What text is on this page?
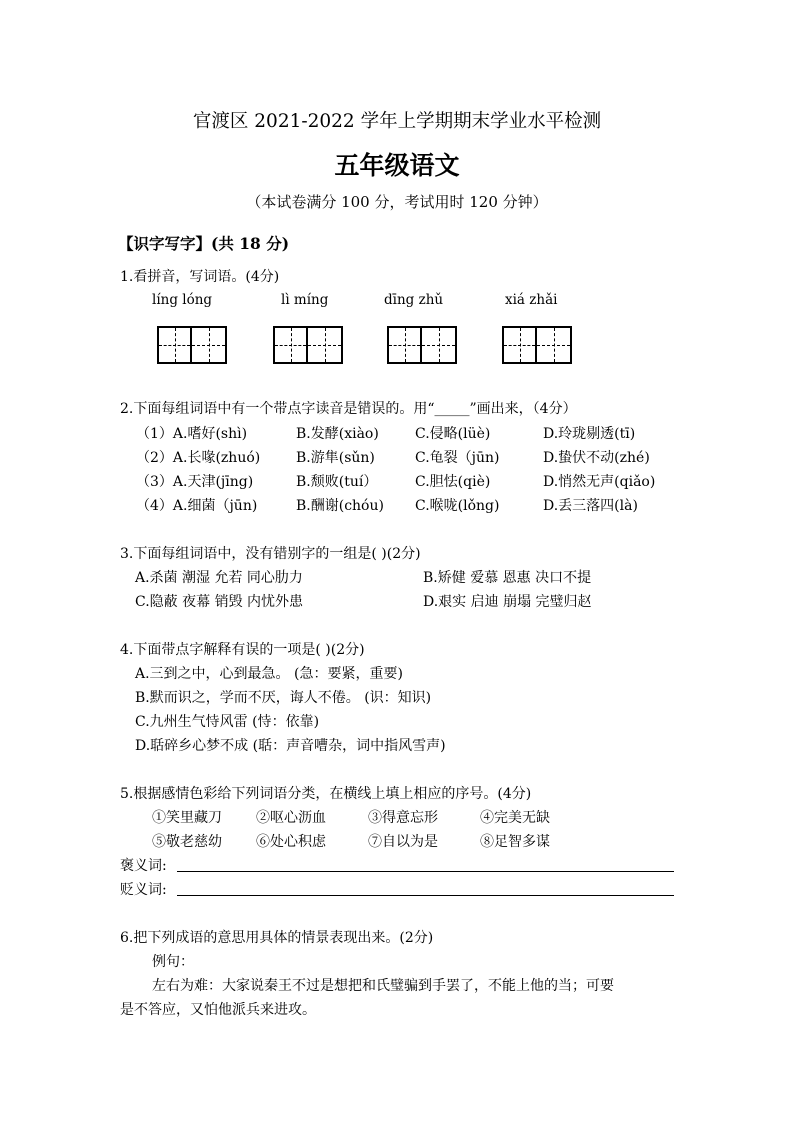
官渡区 2021-2022 学年上学期期末学业水平检测
五年级语文
（本试卷满分 100 分，考试用时 120 分钟）
【识字写字】(共 18 分)
1.看拼音，写词语。(4分)
líng lóng	lì míng	dīng zhǔ	xiá zhǎi
2.下面每组词语中有一个带点字读音是错误的。用“_____”画出来，（4分）
（1）A.嗜好(shì)	B.发酵(xiào)	C.侵略(lüè)	D.玲珑剔透(tī)
（2）A.长喙(zhuó)	B.游隼(sǔn)	C.龟裂（jūn)	D.蛰伏不动(zhé)
（3）A.天津(jīng)	B.颓败(tuí）	C.胆怯(qiè)	D.悄然无声(qiǎo)
（4）A.细菌（jūn)	B.酬谢(chóu) C.喉咙(lǒng)	D.丢三落四(là)
3.下面每组词语中，没有错别字的一组是( )(2分)
A.杀菌 潮湿 允若 同心肋力	B.矫健 爱慕 恩惠 决口不提
C.隐蔽 夜幕 销毁 内忧外患	D.艰实 启迪 崩塌 完璧归赵
4.下面带点字解释有误的一项是( )(2分)
A.三到之中，心到最急。 (急：要紧，重要)
B.默而识之，学而不厌，诲人不倦。 (识：知识)
C.九州生气恃风雷 (恃：依靠)
D.聒碎乡心梦不成 (聒：声音嘈杂，词中指风雪声)
5.根据感情色彩给下列词语分类，在横线上填上相应的序号。(4分)
①笑里藏刀 ②呕心沥血	③得意忘形	④完美无缺
⑤敬老慈幼 ⑥处心积虑	⑦自以为是	⑧足智多谋
褒义词:
贬义词:
6.把下列成语的意思用具体的情景表现出来。(2分)
例句：
左右为难：大家说秦王不过是想把和氏璧骗到手罢了，不能上他的当；可要
是不答应，又怕他派兵来进攻。
